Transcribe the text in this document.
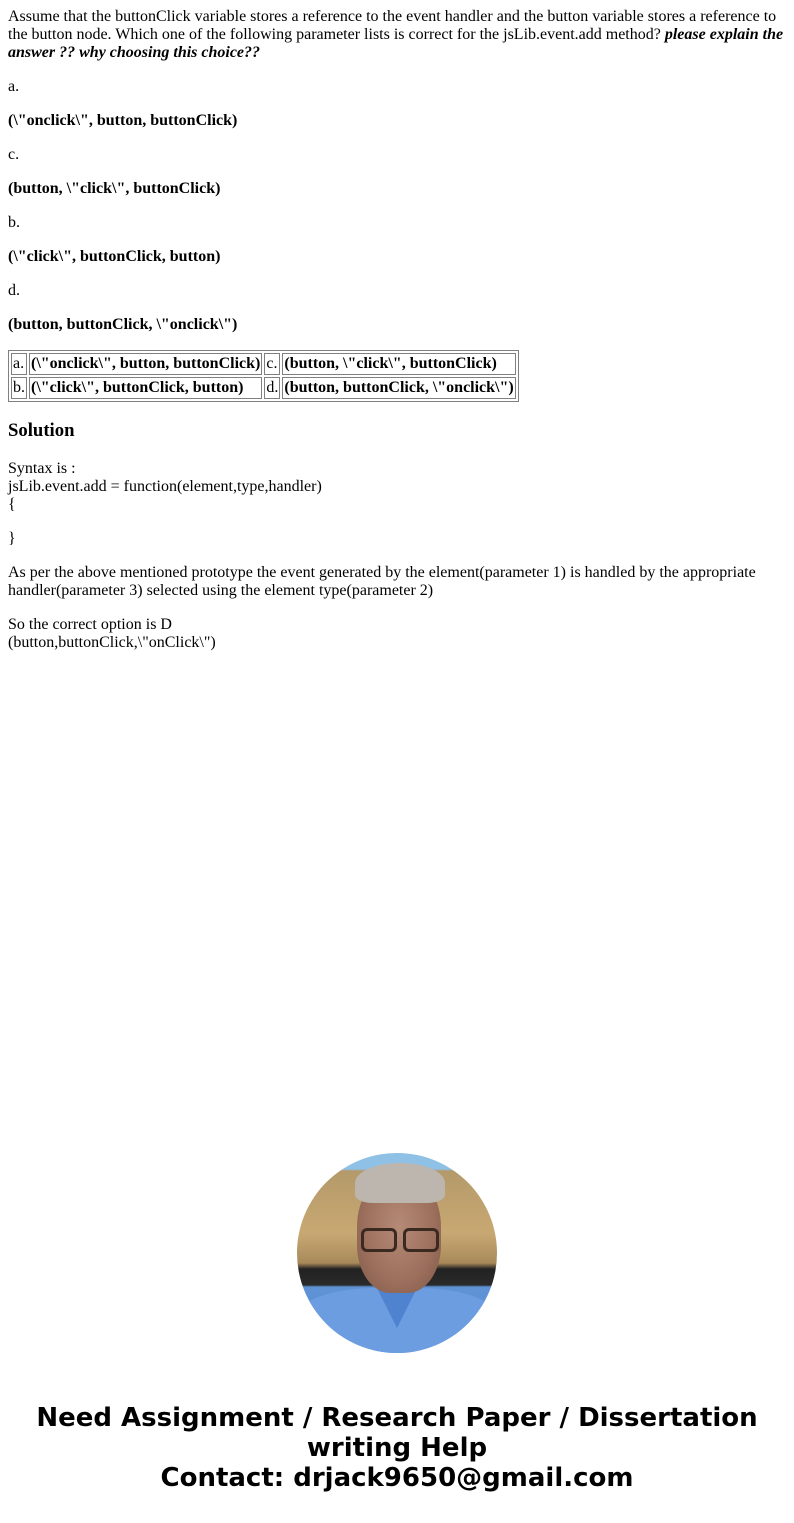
Assume that the buttonClick variable stores a reference to the event handler and the button variable stores a reference to the button node. Which one of the following parameter lists is correct for the jsLib.event.add method? please explain the answer ?? why choosing this choice??

a.

(\"onclick\", button, buttonClick)

c.

(button, \"click\", buttonClick)

b.

(\"click\", buttonClick, button)

d.

(button, buttonClick, \"onclick\")

a.	(\"onclick\", button, buttonClick)	c.	(button, \"click\", buttonClick)
b.	(\"click\", buttonClick, button)	d.	(button, buttonClick, \"onclick\")
Solution

Syntax is :
jsLib.event.add = function(element,type,handler)
{

}

As per the above mentioned prototype the event generated by the element(parameter 1) is handled by the appropriate handler(parameter 3) selected using the element type(parameter 2)

So the correct option is D
(button,buttonClick,\"onClick\")

Need Assignment / Research Paper / Dissertation
writing Help
Contact: drjack9650@gmail.com
